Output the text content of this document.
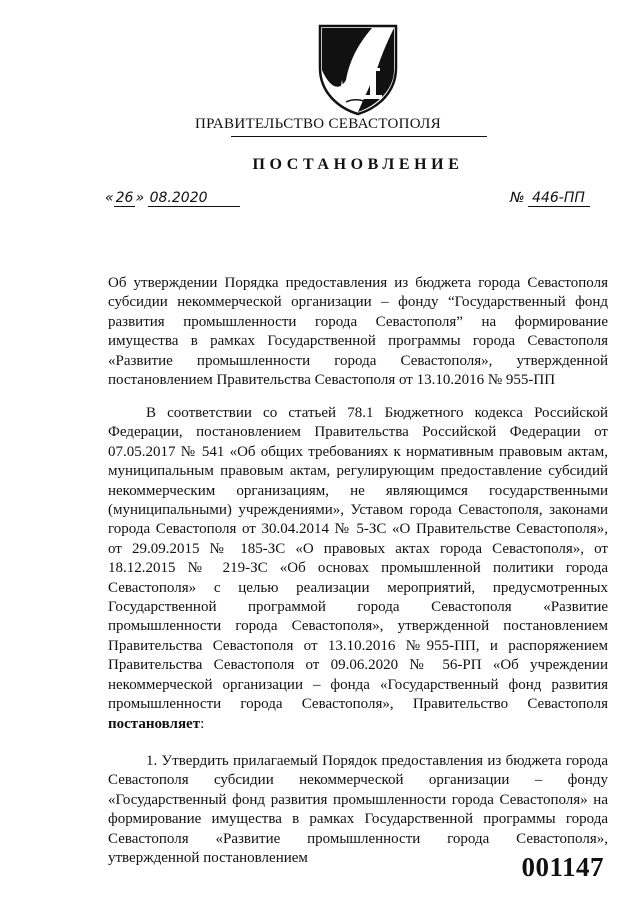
ПРАВИТЕЛЬСТВО СЕВАСТОПОЛЯ
ПОСТАНОВЛЕНИЕ
« 26 » 08.2020	№ 446-ПП

Об утверждении Порядка предоставления из бюджета города Севастополя субсидии некоммерческой организации – фонду “Государственный фонд развития промышленности города Севастополя” на формирование имущества в рамках Государственной программы города Севастополя «Развитие промышленности города Севастополя», утвержденной постановлением Правительства Севастополя от 13.10.2016 № 955-ПП

В соответствии со статьей 78.1 Бюджетного кодекса Российской Федерации, постановлением Правительства Российской Федерации от 07.05.2017 № 541 «Об общих требованиях к нормативным правовым актам, муниципальным правовым актам, регулирующим предоставление субсидий некоммерческим организациям, не являющимся государственными (муниципальными) учреждениями», Уставом города Севастополя, законами города Севастополя от 30.04.2014 № 5-ЗС «О Правительстве Севастополя», от 29.09.2015 № 185-ЗС «О правовых актах города Севастополя», от 18.12.2015 № 219-ЗС «Об основах промышленной политики города Севастополя» с целью реализации мероприятий, предусмотренных Государственной программой города Севастополя «Развитие промышленности города Севастополя», утвержденной постановлением Правительства Севастополя от 13.10.2016 №955-ПП, и распоряжением Правительства Севастополя от 09.06.2020 № 56-РП «Об учреждении некоммерческой организации – фонда «Государственный фонд развития промышленности города Севастополя», Правительство Севастополя постановляет:

1. Утвердить прилагаемый Порядок предоставления из бюджета города Севастополя субсидии некоммерческой организации – фонду «Государственный фонд развития промышленности города Севастополя» на формирование имущества в рамках Государственной программы города Севастополя «Развитие промышленности города Севастополя», утвержденной постановлением	001147
